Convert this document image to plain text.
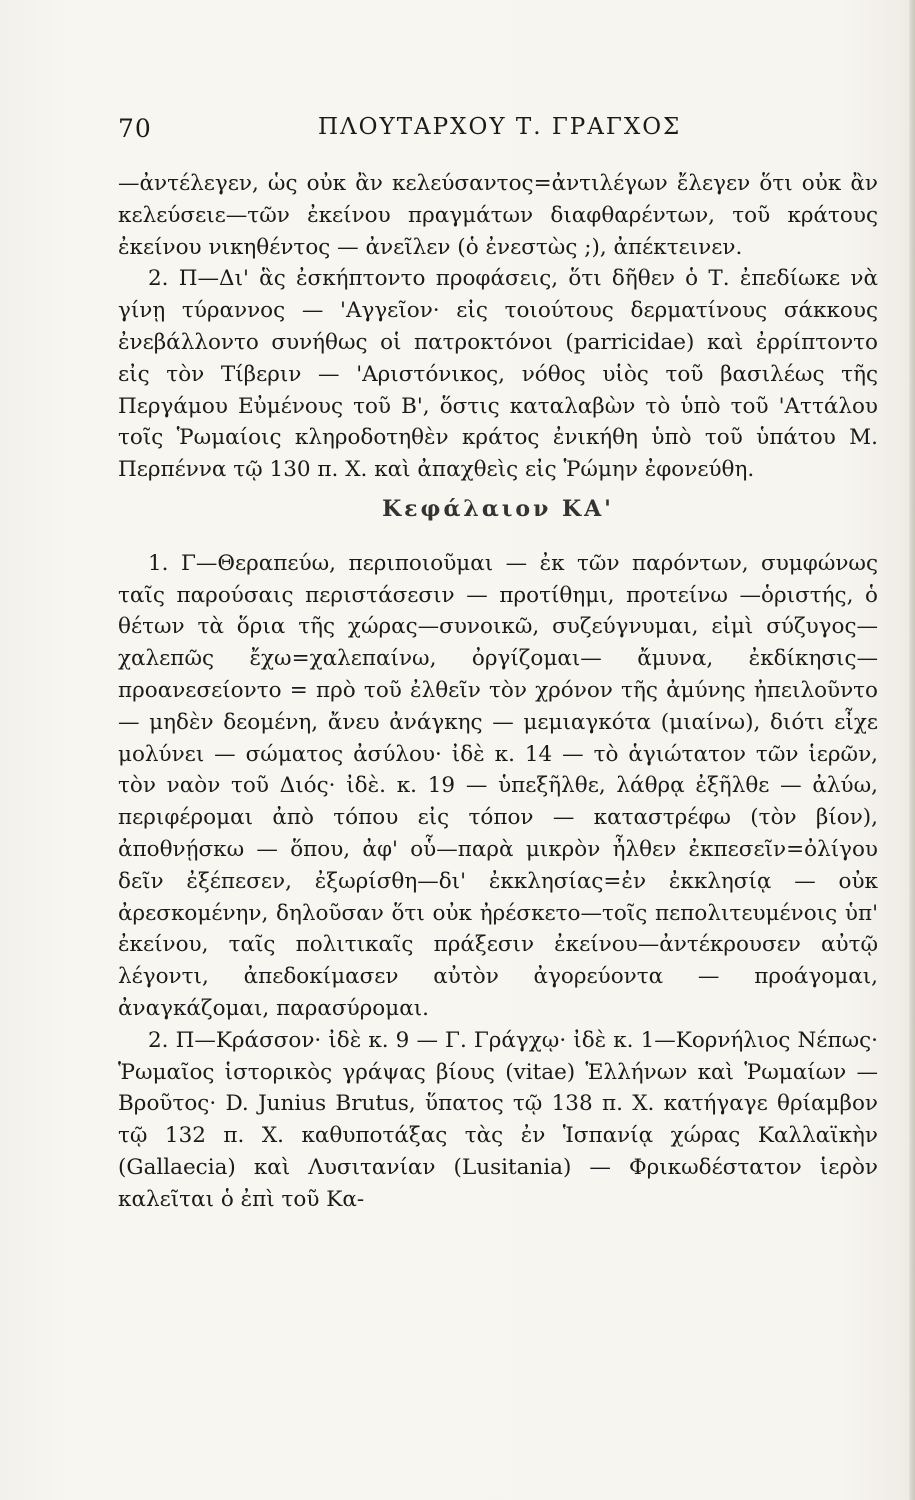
70	ΠΛΟΥΤΑΡΧΟΥ Τ. ΓΡΑΓΧΟΣ

—ἀντέλεγεν, ὡς οὐκ ἂν κελεύσαντος=ἀντιλέγων ἔλεγεν ὅτι οὐκ ἂν κελεύσειε—τῶν ἐκείνου πραγμάτων διαφθαρέντων, τοῦ κράτους ἐκείνου νικηθέντος — ἀνεῖλεν (ὁ ἐνεστὼς ;), ἀπέκτεινεν.

2. Π—Δι' ἃς ἐσκήπτοντο προφάσεις, ὅτι δῆθεν ὁ Τ. ἐπεδίωκε νὰ γίνῃ τύραννος — 'Αγγεῖον· εἰς τοιούτους δερματίνους σάκκους ἐνεβάλλοντο συνήθως οἱ πατροκτόνοι (parricidae) καὶ ἐρρίπτοντο εἰς τὸν Τίβεριν — 'Αριστόνικος, νόθος υἱὸς τοῦ βασιλέως τῆς Περγάμου Εὐμένους τοῦ Β', ὅστις καταλαβὼν τὸ ὑπὸ τοῦ 'Αττάλου τοῖς Ῥωμαίοις κληροδοτηθὲν κράτος ἐνικήθη ὑπὸ τοῦ ὑπάτου Μ. Περπέννα τῷ 130 π. Χ. καὶ ἀπαχθεὶς εἰς Ῥώμην ἐφονεύθη.

Κεφάλαιον ΚΑ'

1. Γ—Θεραπεύω, περιποιοῦμαι — ἐκ τῶν παρόντων, συμφώνως ταῖς παρούσαις περιστάσεσιν — προτίθημι, προτείνω —ὁριστής, ὁ θέτων τὰ ὅρια τῆς χώρας—συνοικῶ, συζεύγνυμαι, εἰμὶ σύζυγος—χαλεπῶς ἔχω=χαλεπαίνω, ὀργίζομαι— ἄμυνα, ἐκδίκησις— προανεσείοντο = πρὸ τοῦ ἐλθεῖν τὸν χρόνον τῆς ἀμύνης ἠπειλοῦντο — μηδὲν δεομένη, ἄνευ ἀνάγκης — μεμιαγκότα (μιαίνω), διότι εἶχε μολύνει — σώματος ἀσύλου· ἰδὲ κ. 14 — τὸ ἁγιώτατον τῶν ἱερῶν, τὸν ναὸν τοῦ Διός· ἰδὲ. κ. 19 — ὑπεξῆλθε, λάθρᾳ ἐξῆλθε — ἀλύω, περιφέρομαι ἀπὸ τόπου εἰς τόπον — καταστρέφω (τὸν βίον), ἀποθνῄσκω — ὅπου, ἀφ' οὗ—παρὰ μικρὸν ἦλθεν ἐκπεσεῖν=ὀλίγου δεῖν ἐξέπεσεν, ἐξωρίσθη—δι' ἐκκλησίας=ἐν ἐκκλησίᾳ — οὐκ ἀρεσκομένην, δηλοῦσαν ὅτι οὐκ ἠρέσκετο—τοῖς πεπολιτευμένοις ὑπ' ἐκείνου, ταῖς πολιτικαῖς πράξεσιν ἐκείνου—ἀντέκρουσεν αὐτῷ λέγοντι, ἀπεδοκίμασεν αὐτὸν ἀγορεύοντα — προάγομαι, ἀναγκάζομαι, παρασύρομαι.

2. Π—Κράσσον· ἰδὲ κ. 9 — Γ. Γράγχῳ· ἰδὲ κ. 1—Κορνήλιος Νέπως· Ῥωμαῖος ἱστορικὸς γράψας βίους (vitae) Ἑλλήνων καὶ Ῥωμαίων —Βροῦτος· D. Junius Brutus, ὕπατος τῷ 138 π. Χ. κατήγαγε θρίαμβον τῷ 132 π. Χ. καθυποτάξας τὰς ἐν Ἱσπανίᾳ χώρας Καλλαϊκὴν (Gallaecia) καὶ Λυσιτανίαν (Lusitania) — Φρικωδέστατον ἱερὸν καλεῖται ὁ ἐπὶ τοῦ Κα-
